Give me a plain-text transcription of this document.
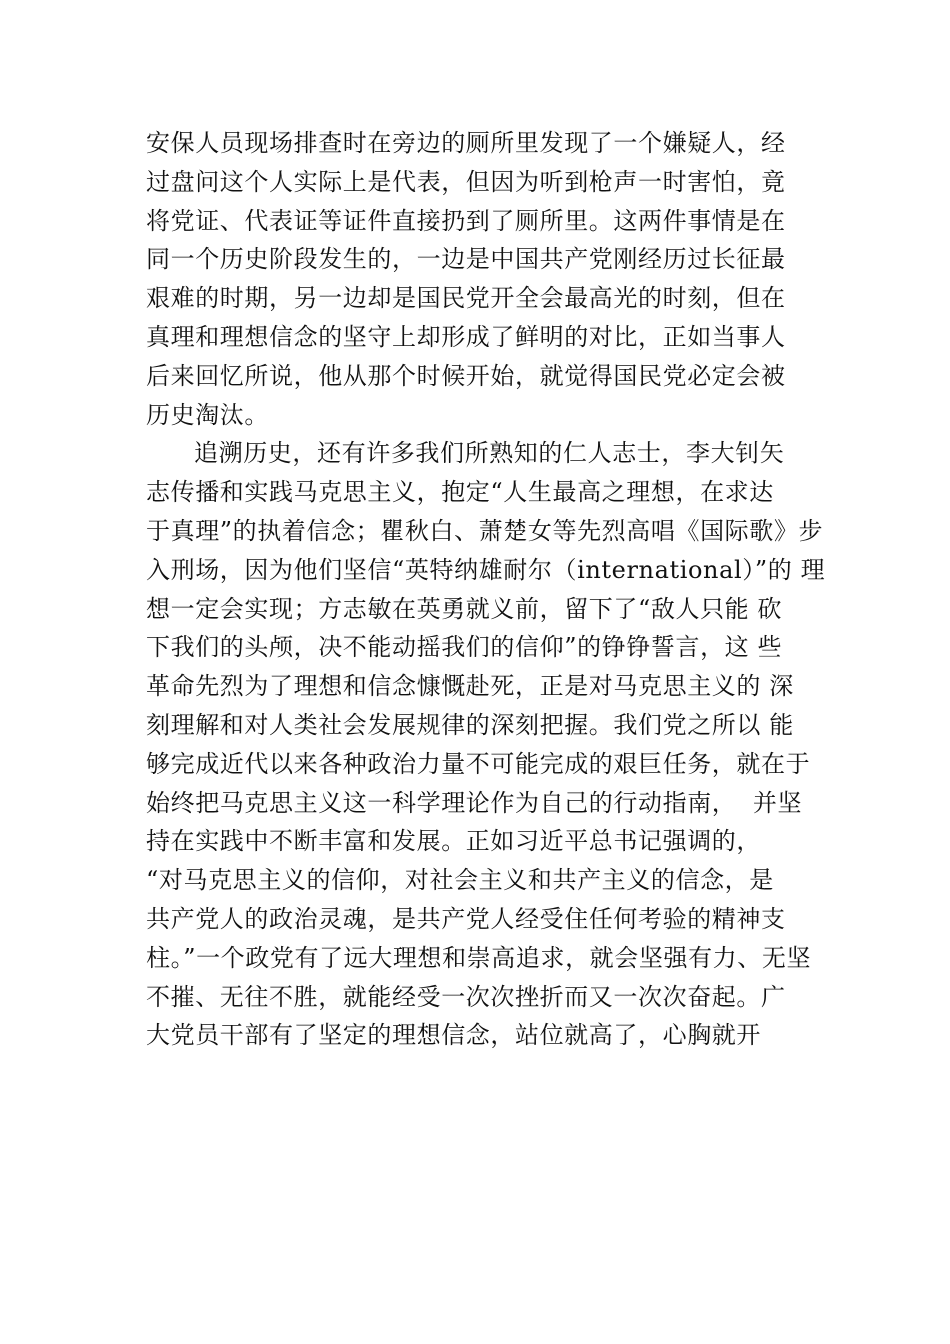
安保人员现场排查时在旁边的厕所里发现了一个嫌疑人，经
过盘问这个人实际上是代表，但因为听到枪声一时害怕，竟
将党证、代表证等证件直接扔到了厕所里。这两件事情是在
同一个历史阶段发生的，一边是中国共产党刚经历过长征最
艰难的时期，另一边却是国民党开全会最高光的时刻，但在
真理和理想信念的坚守上却形成了鲜明的对比，正如当事人
后来回忆所说，他从那个时候开始，就觉得国民党必定会被
历史淘汰。
追溯历史，还有许多我们所熟知的仁人志士，李大钊矢
志传播和实践马克思主义，抱定“人生最高之理想，在求达
于真理”的执着信念；瞿秋白、萧楚女等先烈高唱《国际歌》步
入刑场，因为他们坚信“英特纳雄耐尔（international）”的 理
想一定会实现；方志敏在英勇就义前，留下了“敌人只能 砍
下我们的头颅，决不能动摇我们的信仰”的铮铮誓言，这 些
革命先烈为了理想和信念慷慨赴死，正是对马克思主义的 深
刻理解和对人类社会发展规律的深刻把握。我们党之所以 能
够完成近代以来各种政治力量不可能完成的艰巨任务，就在于
始终把马克思主义这一科学理论作为自己的行动指南，  并坚
持在实践中不断丰富和发展。正如习近平总书记强调的，
“对马克思主义的信仰，对社会主义和共产主义的信念，是
共产党人的政治灵魂，是共产党人经受住任何考验的精神支
柱。”一个政党有了远大理想和崇高追求，就会坚强有力、无坚
不摧、无往不胜，就能经受一次次挫折而又一次次奋起。广
大党员干部有了坚定的理想信念，站位就高了，心胸就开
